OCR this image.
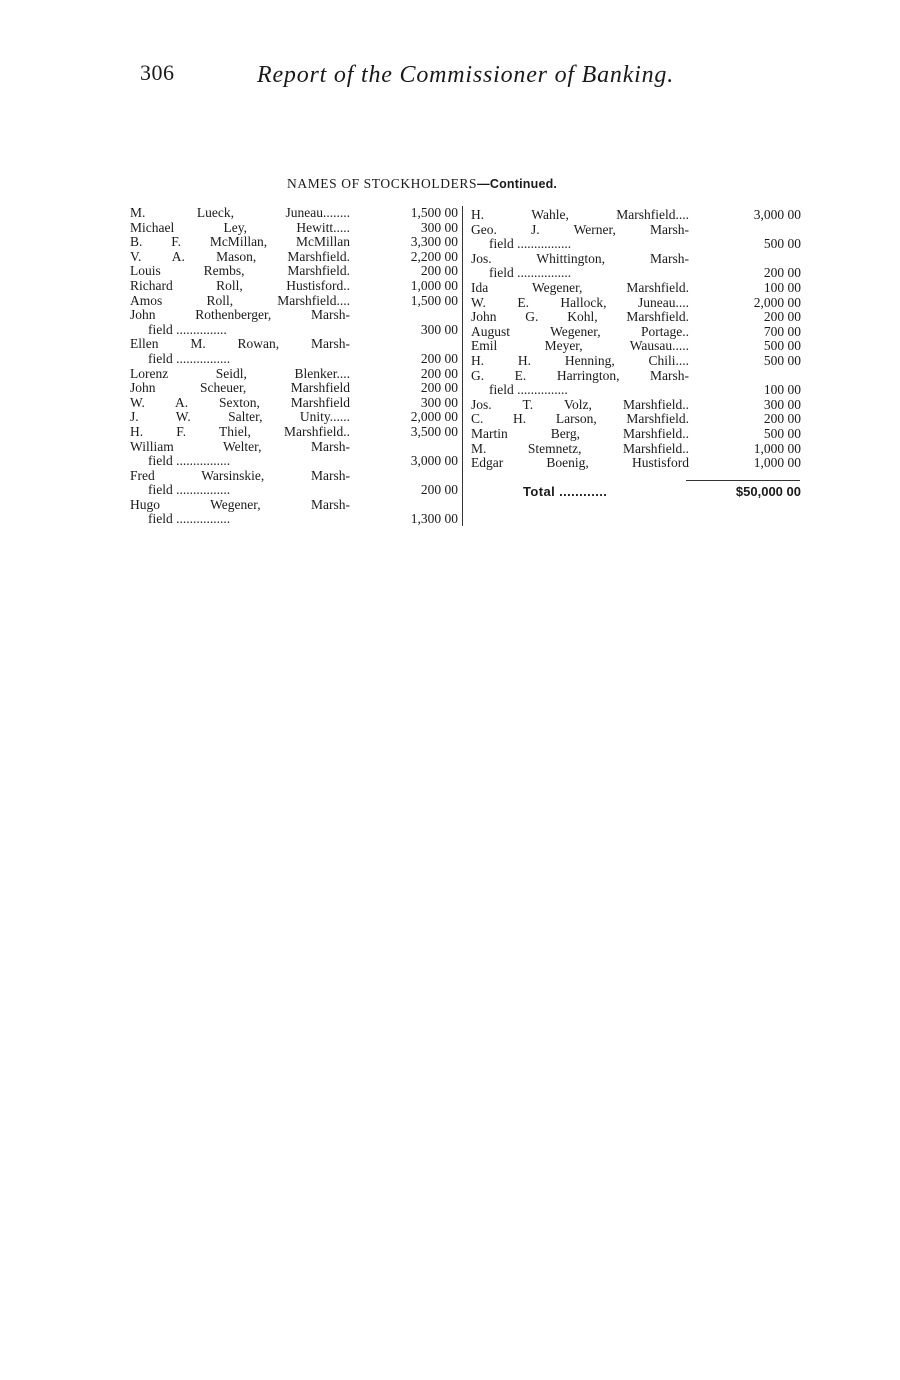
306	Report of the Commissioner of Banking.
NAMES OF STOCKHOLDERS—Continued.
M. Lueck, Juneau........	1,500 00
Michael Ley, Hewitt.....	300 00
B. F. McMillan, McMillan	3,300 00
V. A. Mason, Marshfield.	2,200 00
Louis Rembs, Marshfield.	200 00
Richard Roll, Hustisford..	1,000 00
Amos Roll, Marshfield....	1,500 00
John Rothenberger, Marsh-
field ...............	300 00
Ellen M. Rowan, Marsh-
field ................	200 00
Lorenz Seidl, Blenker....	200 00
John Scheuer, Marshfield	200 00
W. A. Sexton, Marshfield	300 00
J. W. Salter, Unity......	2,000 00
H. F. Thiel, Marshfield..	3,500 00
William Welter, Marsh-
field ................	3,000 00
Fred Warsinskie, Marsh-
field ................	200 00
Hugo Wegener, Marsh-
field ................	1,300 00
H. Wahle, Marshfield....	3,000 00
Geo. J. Werner, Marsh-
field ................	500 00
Jos. Whittington, Marsh-
field ................	200 00
Ida Wegener, Marshfield.	100 00
W. E. Hallock, Juneau....	2,000 00
John G. Kohl, Marshfield.	200 00
August Wegener, Portage..	700 00
Emil Meyer, Wausau.....	500 00
H. H. Henning, Chili....	500 00
G. E. Harrington, Marsh-
field ...............	100 00
Jos. T. Volz, Marshfield..	300 00
C. H. Larson, Marshfield.	200 00
Martin Berg, Marshfield..	500 00
M. Stemnetz, Marshfield..	1,000 00
Edgar Boenig, Hustisford	1,000 00
Total ............	$50,000 00
